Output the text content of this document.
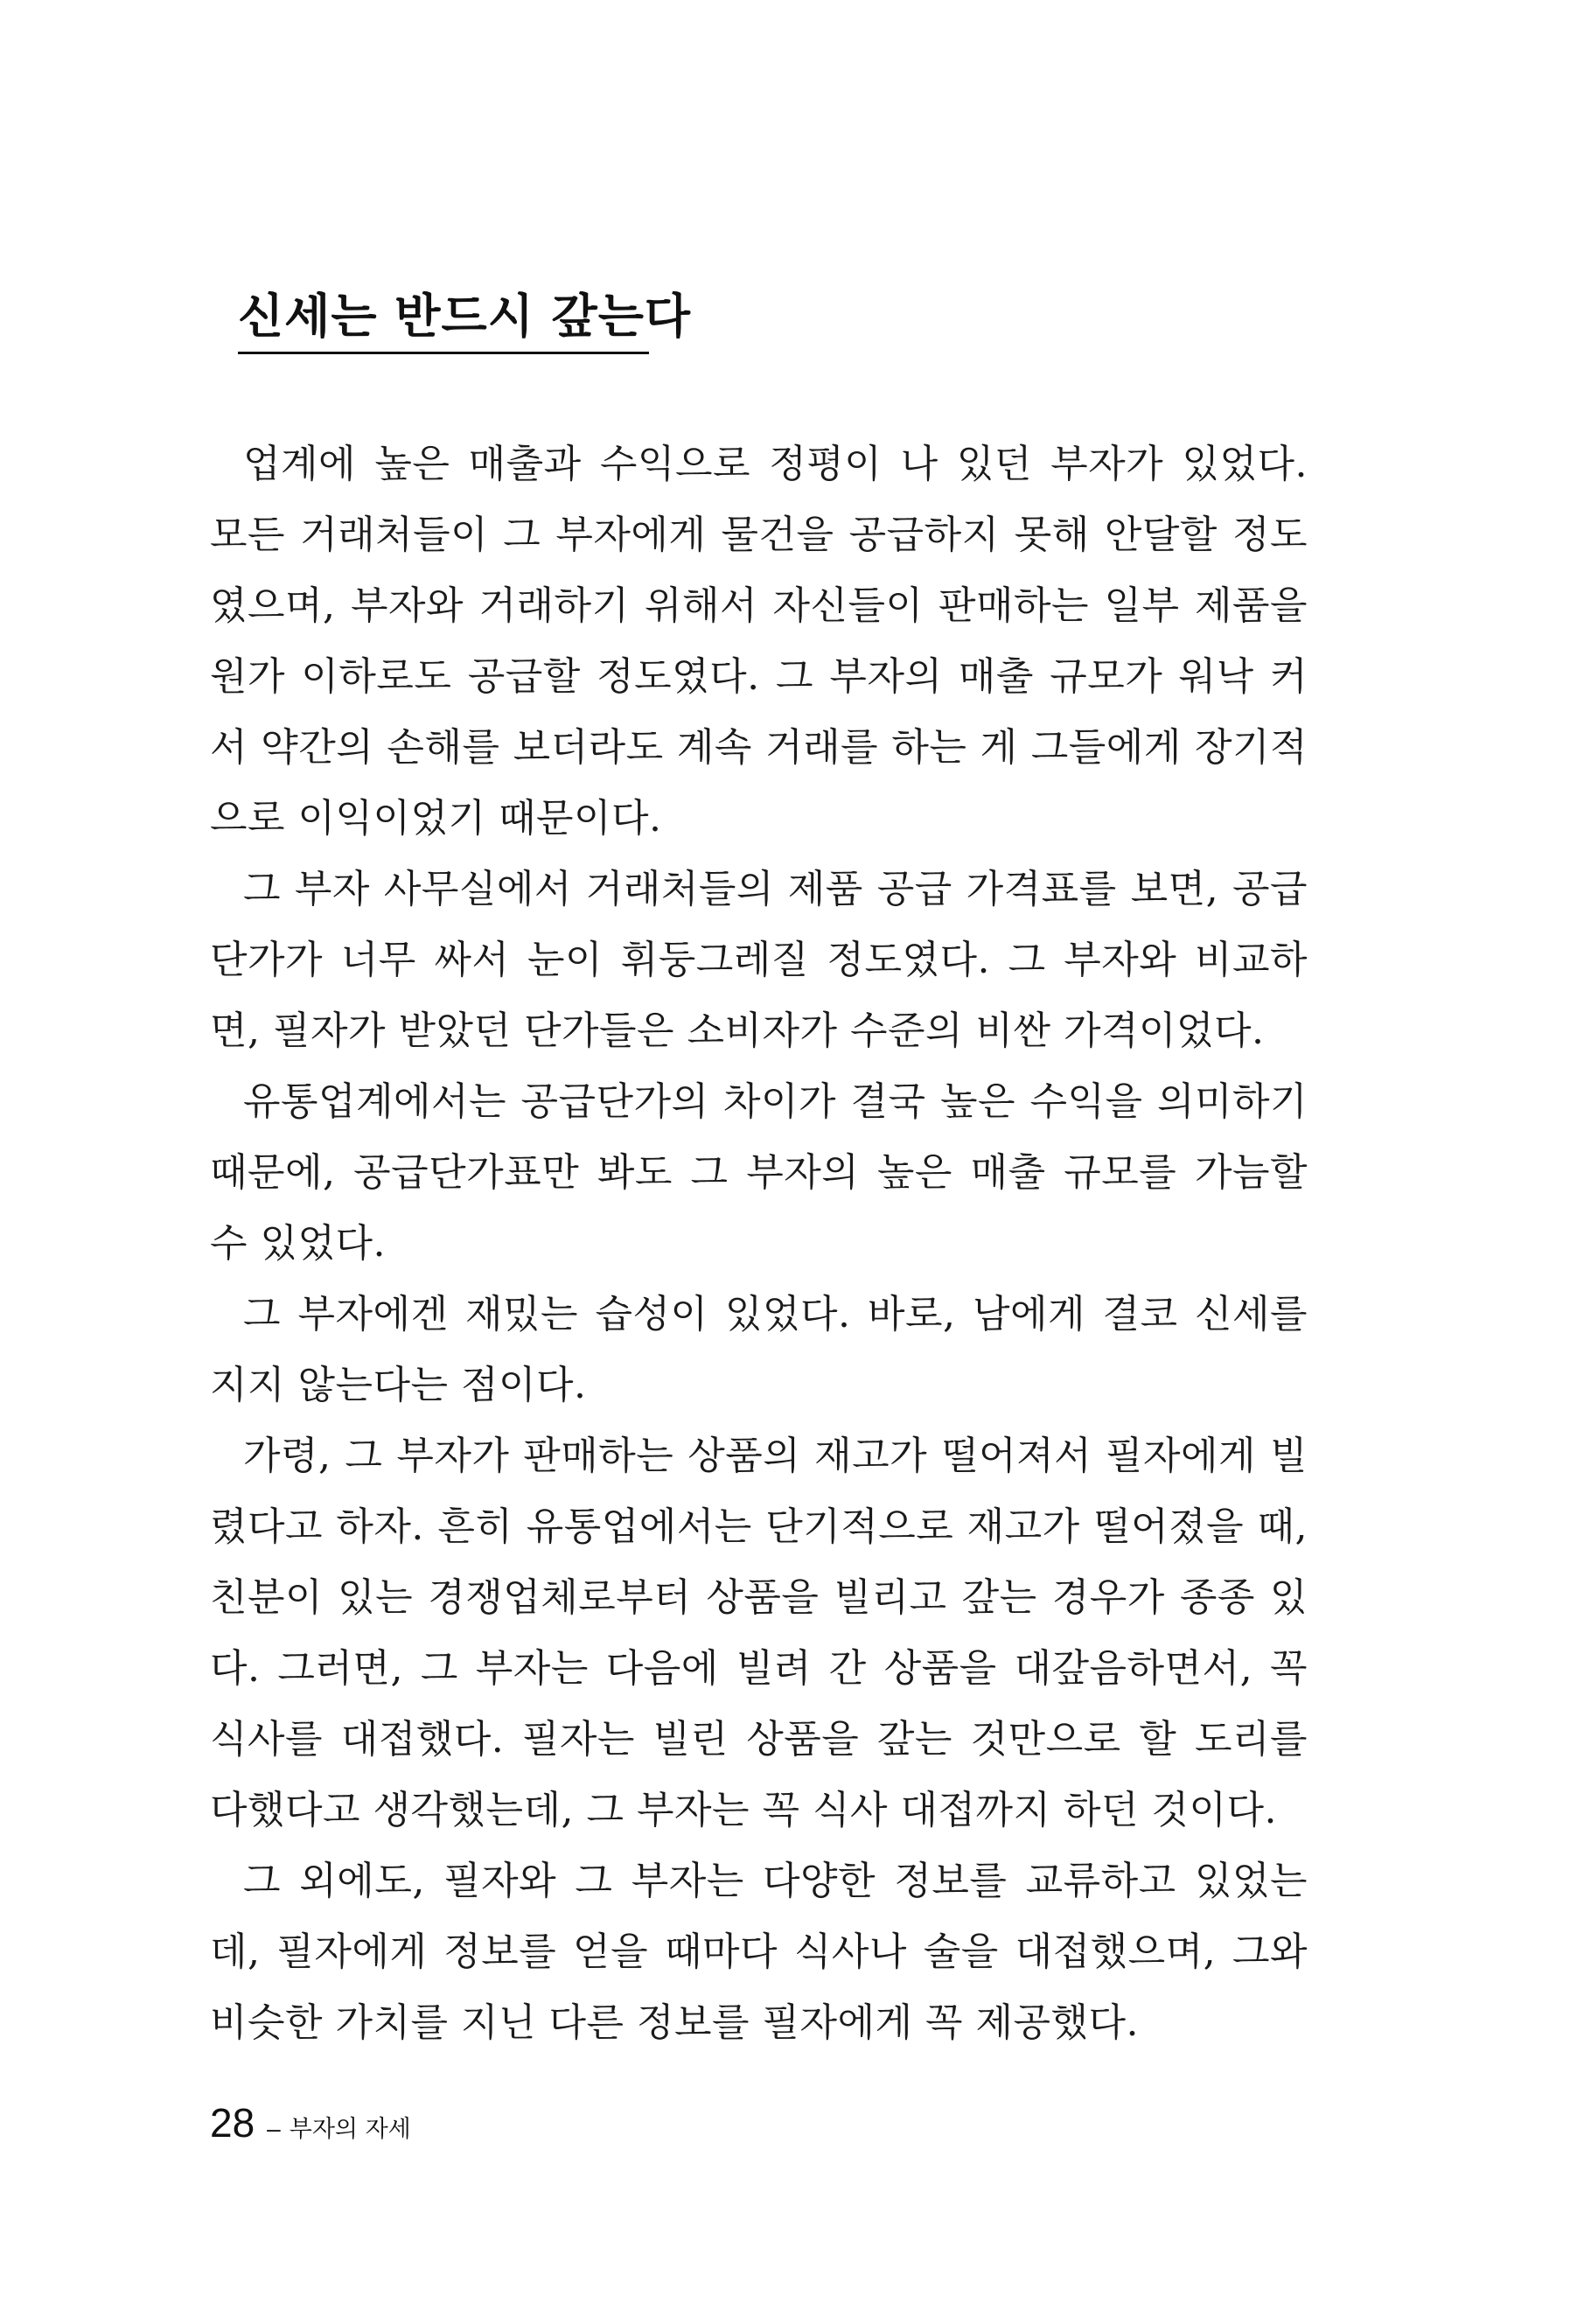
신세는 반드시 갚는다

업계에 높은 매출과 수익으로 정평이 나 있던 부자가 있었다. 모든 거래처들이 그 부자에게 물건을 공급하지 못해 안달할 정도였으며, 부자와 거래하기 위해서 자신들이 판매하는 일부 제품을 원가 이하로도 공급할 정도였다. 그 부자의 매출 규모가 워낙 커서 약간의 손해를 보더라도 계속 거래를 하는 게 그들에게 장기적으로 이익이었기 때문이다.

그 부자 사무실에서 거래처들의 제품 공급 가격표를 보면, 공급단가가 너무 싸서 눈이 휘둥그레질 정도였다. 그 부자와 비교하면, 필자가 받았던 단가들은 소비자가 수준의 비싼 가격이었다.

유통업계에서는 공급단가의 차이가 결국 높은 수익을 의미하기 때문에, 공급단가표만 봐도 그 부자의 높은 매출 규모를 가늠할 수 있었다.

그 부자에겐 재밌는 습성이 있었다. 바로, 남에게 결코 신세를 지지 않는다는 점이다.

가령, 그 부자가 판매하는 상품의 재고가 떨어져서 필자에게 빌렸다고 하자. 흔히 유통업에서는 단기적으로 재고가 떨어졌을 때, 친분이 있는 경쟁업체로부터 상품을 빌리고 갚는 경우가 종종 있다. 그러면, 그 부자는 다음에 빌려 간 상품을 대갚음하면서, 꼭 식사를 대접했다. 필자는 빌린 상품을 갚는 것만으로 할 도리를 다했다고 생각했는데, 그 부자는 꼭 식사 대접까지 하던 것이다.

그 외에도, 필자와 그 부자는 다양한 정보를 교류하고 있었는데, 필자에게 정보를 얻을 때마다 식사나 술을 대접했으며, 그와 비슷한 가치를 지닌 다른 정보를 필자에게 꼭 제공했다.

28 – 부자의 자세
